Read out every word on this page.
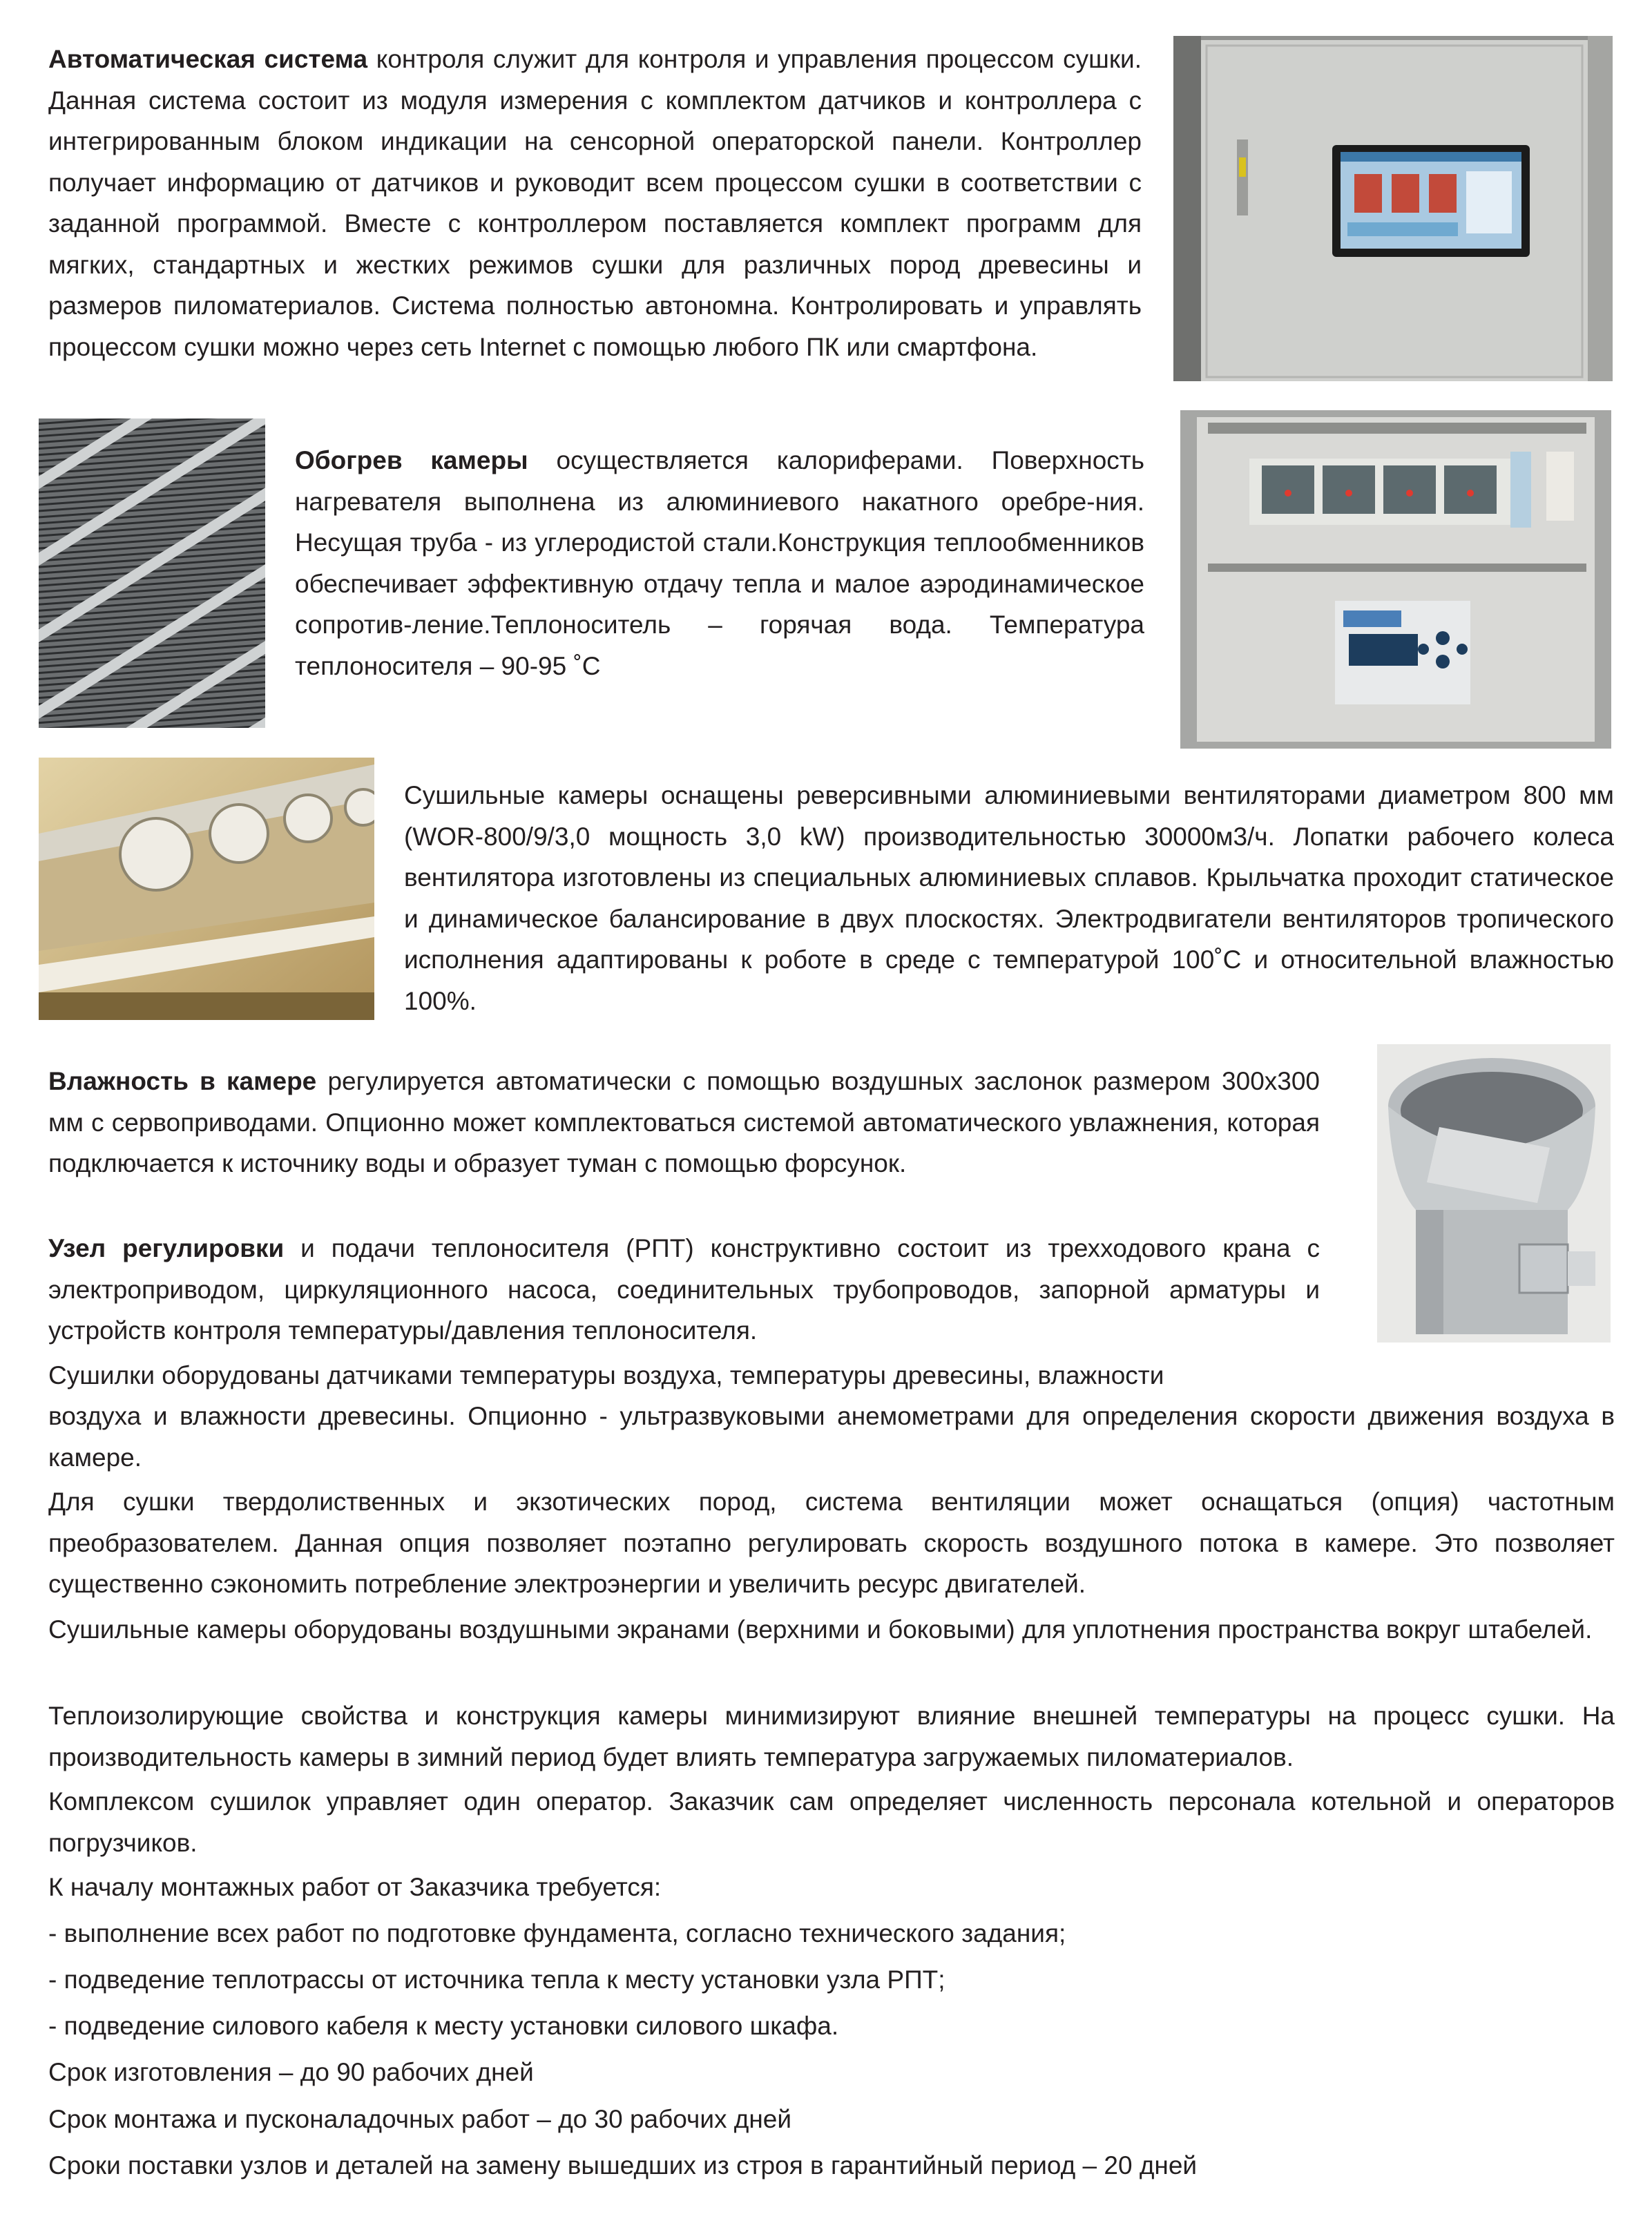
Автоматическая система контроля служит для контроля и управления процессом сушки. Данная система состоит из модуля измерения с комплектом датчиков и контроллера с интегрированным блоком индикации на сенсорной операторской панели. Контроллер получает информацию от датчиков и руководит всем процессом сушки в соответствии с заданной программой. Вместе с контроллером поставляется комплект программ для мягких, стандартных и жестких режимов сушки для различных пород древесины и размеров пиломатериалов. Система полностью автономна. Контролировать и управлять процессом сушки можно через сеть Internet с помощью любого ПК или смартфона.

Обогрев камеры осуществляется калориферами. Поверхность нагревателя выполнена из алюминиевого накатного оребре-ния. Несущая труба - из углеродистой стали.Конструкция теплообменников обеспечивает эффективную отдачу тепла и малое аэродинамическое сопротив-ление.Теплоноситель – горячая вода. Температура теплоносителя – 90-95 ˚С

Сушильные камеры оснащены реверсивными алюминиевыми вентиляторами диаметром 800 мм (WOR-800/9/3,0 мощность 3,0 kW) производительностью 30000м3/ч. Лопатки рабочего колеса вентилятора изготовлены из специальных алюминиевых сплавов. Крыльчатка проходит статическое и динамическое балансирование в двух плоскостях. Электродвигатели вентиляторов тропического исполнения адаптированы к роботе в среде с температурой 100˚С и относительной влажностью 100%.

Влажность в камере регулируется автоматически с помощью воздушных заслонок размером 300х300 мм с сервоприводами. Опционно может комплектоваться системой автоматического увлажнения, которая подключается к источнику воды и образует туман с помощью форсунок.

Узел регулировки и подачи теплоносителя (РПТ) конструктивно состоит из трехходового крана с электроприводом, циркуляционного насоса, соединительных трубопроводов, запорной арматуры и устройств контроля температуры/давления теплоносителя.

Сушилки оборудованы датчиками температуры воздуха, температуры древесины, влажности

воздуха и влажности древесины. Опционно - ультразвуковыми анемометрами для определения скорости движения воздуха в камере.

Для сушки твердолиственных и экзотических пород, система вентиляции может оснащаться (опция) частотным преобразователем. Данная опция позволяет поэтапно регулировать скорость воздушного потока в камере. Это позволяет существенно сэкономить потребление электроэнергии и увеличить ресурс двигателей.

Сушильные камеры оборудованы воздушными экранами (верхними и боковыми) для уплотнения пространства вокруг штабелей.

Теплоизолирующие свойства и конструкция камеры минимизируют влияние внешней температуры на процесс сушки. На производительность камеры в зимний период будет влиять температура загружаемых пиломатериалов.

Комплексом сушилок управляет один оператор. Заказчик сам определяет численность персонала котельной и операторов погрузчиков.

К началу монтажных работ от Заказчика требуется:

- выполнение всех работ по подготовке фундамента, согласно технического задания;

- подведение теплотрассы от источника тепла к месту установки узла РПТ;

- подведение силового кабеля к месту установки силового шкафа.

Срок изготовления – до 90 рабочих дней

Срок монтажа и пусконаладочных работ – до 30 рабочих дней

Сроки поставки узлов и деталей на замену вышедших из строя в гарантийный период – 20 дней
